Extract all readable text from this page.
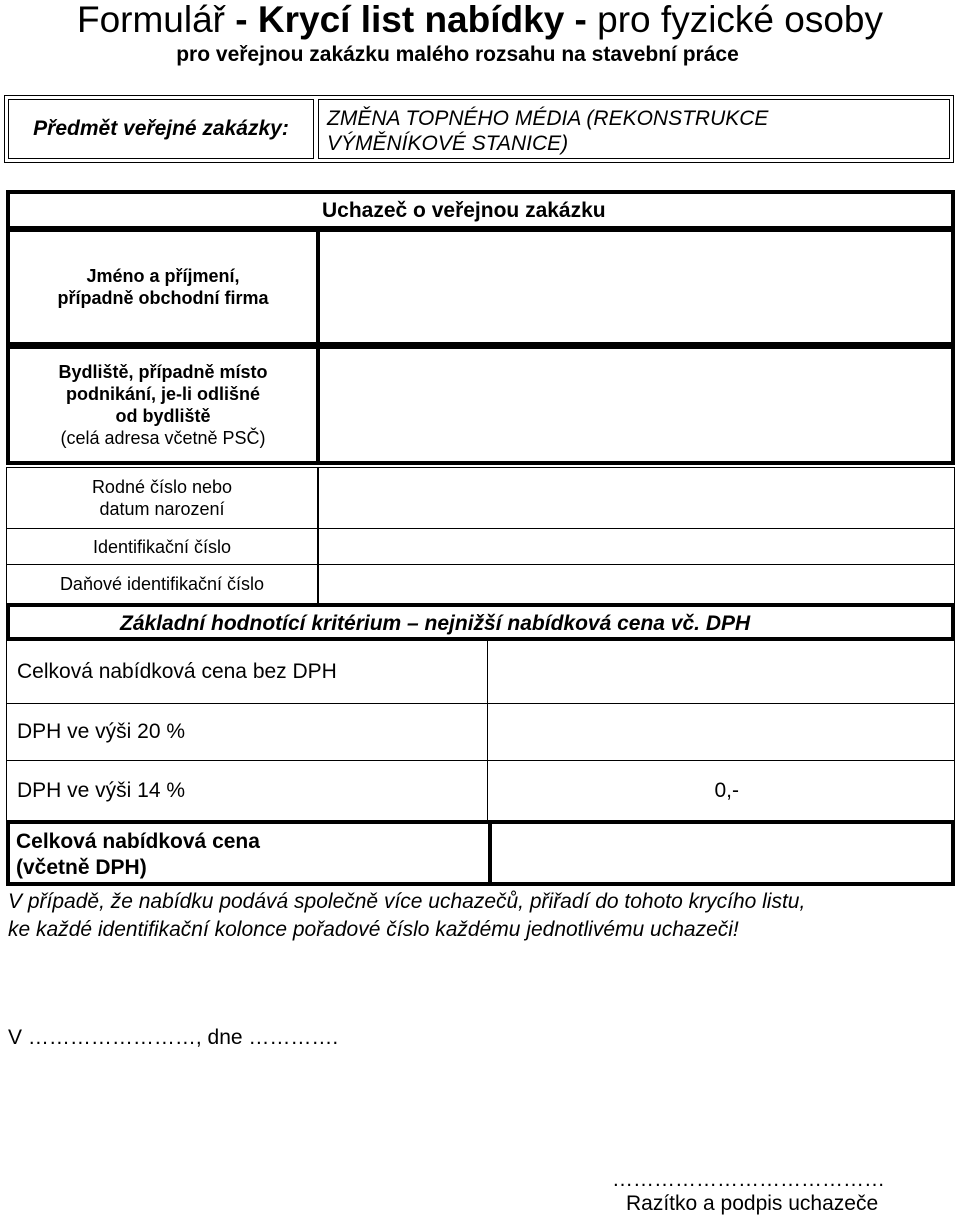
Formulář - Krycí list nabídky - pro fyzické osoby
pro veřejnou zakázku malého rozsahu na stavební práce
Předmět veřejné zakázky:	ZMĚNA TOPNÉHO MÉDIA (REKONSTRUKCE
VÝMĚNÍKOVÉ STANICE)
Uchazeč o veřejnou zakázku
Jméno a příjmení,
případně obchodní firma
Bydliště, případně místo
podnikání, je-li odlišné
od bydliště
(celá adresa včetně PSČ)
Rodné číslo nebo
datum narození
Identifikační číslo
Daňové identifikační číslo
Základní hodnotící kritérium – nejnižší nabídková cena vč. DPH
Celková nabídková cena bez DPH
DPH ve výši 20 %
DPH ve výši 14 %	0,-
Celková nabídková cena
(včetně DPH)
V případě, že nabídku podává společně více uchazečů, přiřadí do tohoto krycího listu,
ke každé identifikační kolonce pořadové číslo každému jednotlivému uchazeči!
V ……………………, dne ………….
…………………………………
Razítko a podpis uchazeče
